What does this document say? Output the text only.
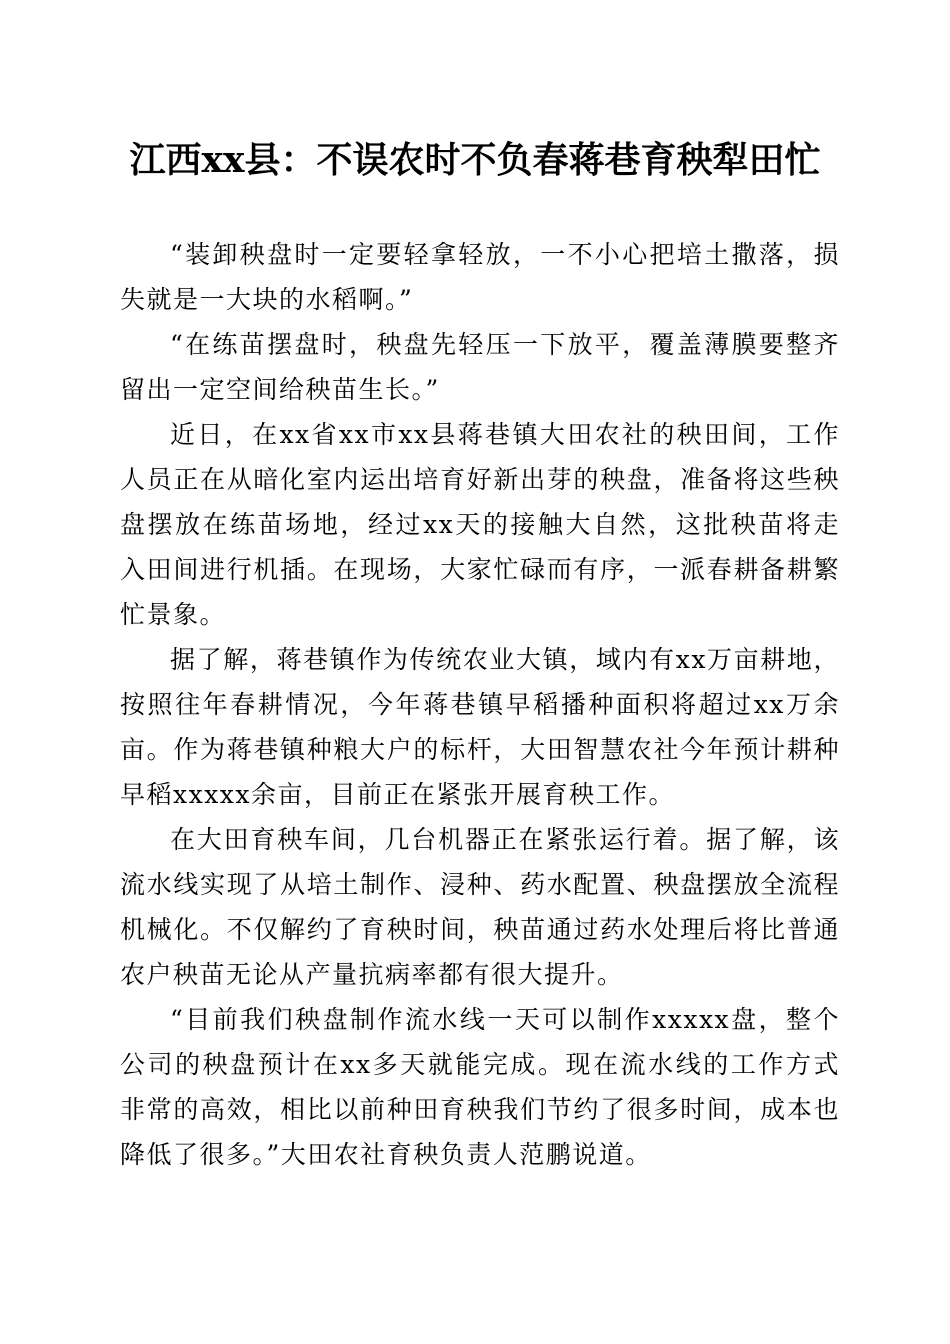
江西xx县：不误农时不负春蒋巷育秧犁田忙

“装卸秧盘时一定要轻拿轻放，一不小心把培土撒落，损失就是一大块的水稻啊。”

“在练苗摆盘时，秧盘先轻压一下放平，覆盖薄膜要整齐留出一定空间给秧苗生长。”

近日，在xx省xx市xx县蒋巷镇大田农社的秧田间，工作人员正在从暗化室内运出培育好新出芽的秧盘，准备将这些秧盘摆放在练苗场地，经过xx天的接触大自然，这批秧苗将走入田间进行机插。在现场，大家忙碌而有序，一派春耕备耕繁忙景象。

据了解，蒋巷镇作为传统农业大镇，域内有xx万亩耕地，按照往年春耕情况，今年蒋巷镇早稻播种面积将超过xx万余亩。作为蒋巷镇种粮大户的标杆，大田智慧农社今年预计耕种早稻xxxxx余亩，目前正在紧张开展育秧工作。

在大田育秧车间，几台机器正在紧张运行着。据了解，该流水线实现了从培土制作、浸种、药水配置、秧盘摆放全流程机械化。不仅解约了育秧时间，秧苗通过药水处理后将比普通农户秧苗无论从产量抗病率都有很大提升。

“目前我们秧盘制作流水线一天可以制作xxxxx盘，整个公司的秧盘预计在xx多天就能完成。现在流水线的工作方式非常的高效，相比以前种田育秧我们节约了很多时间，成本也降低了很多。”大田农社育秧负责人范鹏说道。
